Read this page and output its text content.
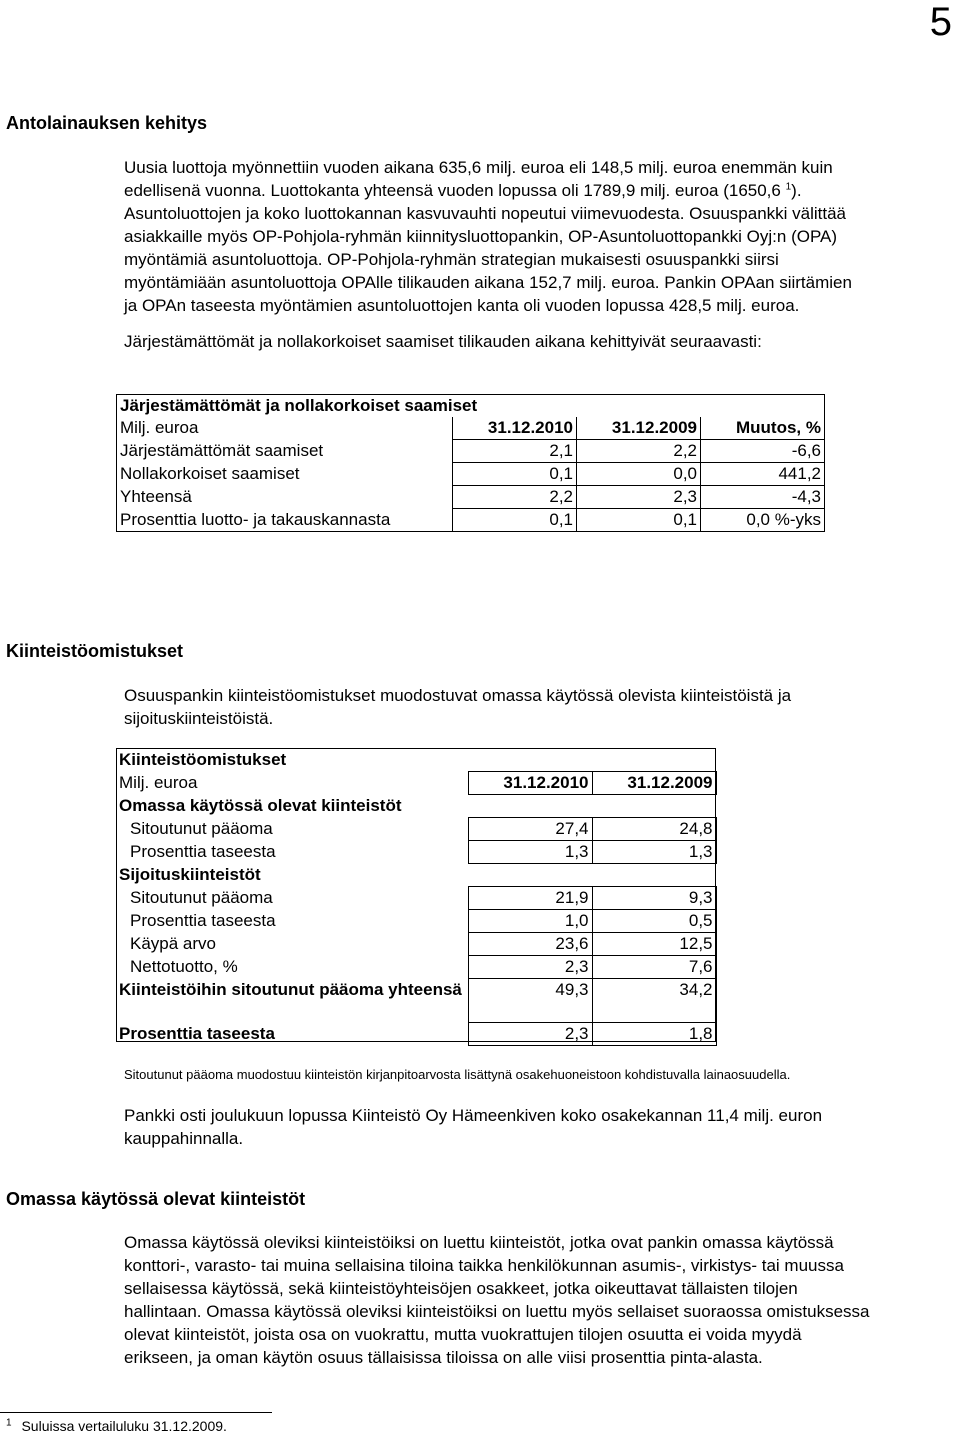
5
Antolainauksen kehitys
Uusia luottoja myönnettiin vuoden aikana 635,6 milj. euroa eli 148,5 milj. euroa enemmän kuin
edellisenä vuonna. Luottokanta yhteensä vuoden lopussa oli 1789,9 milj. euroa (1650,6 $^1$).
Asuntoluottojen ja koko luottokannan kasvuvauhti nopeutui viimevuodesta. Osuuspankki välittää
asiakkaille myös OP-Pohjola-ryhmän kiinnitysluottopankin, OP-Asuntoluottopankki Oyj:n (OPA)
myöntämiä asuntoluottoja. OP-Pohjola-ryhmän strategian mukaisesti osuuspankki siirsi
myöntämiään asuntoluottoja OPAlle tilikauden aikana 152,7 milj. euroa. Pankin OPAan siirtämien
ja OPAn taseesta myöntämien asuntoluottojen kanta oli vuoden lopussa 428,5 milj. euroa.
Järjestämättömät ja nollakorkoiset saamiset tilikauden aikana kehittyivät seuraavasti:
Järjestämättömät ja nollakorkoiset saamiset			
Milj. euroa	31.12.2010	31.12.2009	Muutos, %
Järjestämättömät saamiset	2,1	2,2	-6,6
Nollakorkoiset saamiset	0,1	0,0	441,2
Yhteensä	2,2	2,3	-4,3
Prosenttia luotto- ja takauskannasta	0,1	0,1	0,0 %-yks
Kiinteistöomistukset
Osuuspankin kiinteistöomistukset muodostuvat omassa käytössä olevista kiinteistöistä ja
sijoituskiinteistöistä.
Kiinteistöomistukset		
Milj. euroa	31.12.2010	31.12.2009
Omassa käytössä olevat kiinteistöt		
Sitoutunut pääoma	27,4	24,8
Prosenttia taseesta	1,3	1,3
Sijoituskiinteistöt		
Sitoutunut pääoma	21,9	9,3
Prosenttia taseesta	1,0	0,5
Käypä arvo	23,6	12,5
Nettotuotto, %	2,3	7,6
Kiinteistöihin sitoutunut pääoma yhteensä	49,3	34,2
Prosenttia taseesta	2,3	1,8
Sitoutunut pääoma muodostuu kiinteistön kirjanpitoarvosta lisättynä osakehuoneistoon kohdistuvalla lainaosuudella.
Pankki osti joulukuun lopussa Kiinteistö Oy Hämeenkiven koko osakekannan 11,4 milj. euron
kauppahinnalla.
Omassa käytössä olevat kiinteistöt
Omassa käytössä oleviksi kiinteistöiksi on luettu kiinteistöt, jotka ovat pankin omassa käytössä
konttori-, varasto- tai muina sellaisina tiloina taikka henkilökunnan asumis-, virkistys- tai muussa
sellaisessa käytössä, sekä kiinteistöyhteisöjen osakkeet, jotka oikeuttavat tällaisten tilojen
hallintaan. Omassa käytössä oleviksi kiinteistöiksi on luettu myös sellaiset suoraossa omistuksessa
olevat kiinteistöt, joista osa on vuokrattu, mutta vuokrattujen tilojen osuutta ei voida myydä
erikseen, ja oman käytön osuus tällaisissa tiloissa on alle viisi prosenttia pinta-alasta.
$^1$ Suluissa vertailuluku 31.12.2009.
